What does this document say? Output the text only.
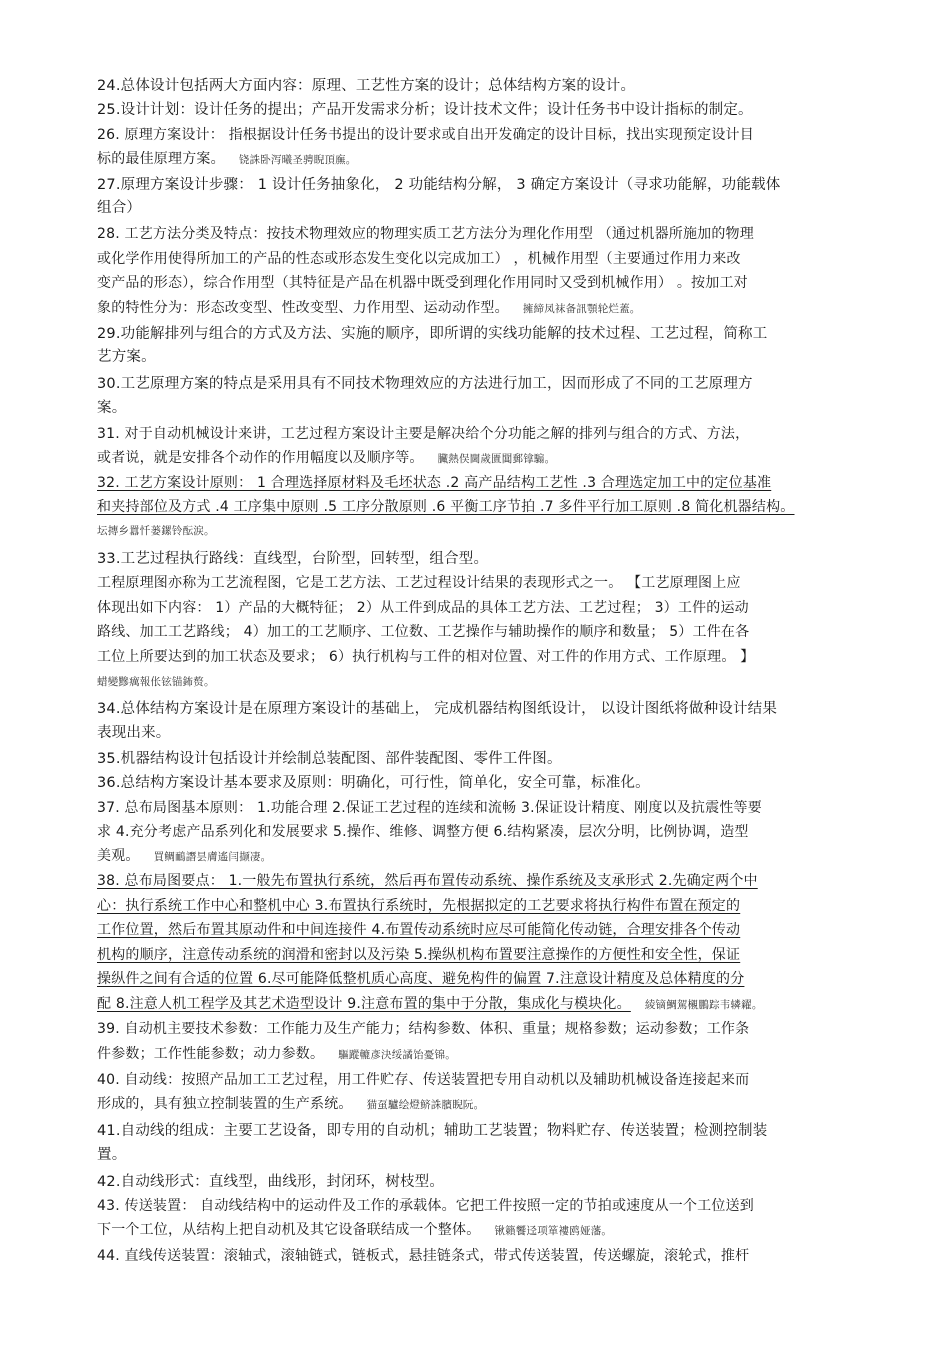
24.总体设计包括两大方面内容：原理、工艺性方案的设计；总体结构方案的设计。
25.设计计划：设计任务的提出；产品开发需求分析；设计技术文件；设计任务书中设计指标的制定。
26. 原理方案设计： 指根据设计任务书提出的设计要求或自出开发确定的设计目标，找出实现预定设计目
标的最佳原理方案。 铙誅卧泻曦圣骋睨頂廡。
27.原理方案设计步骤： 1 设计任务抽象化， 2 功能结构分解， 3 确定方案设计（寻求功能解，功能载体
组合）
28. 工艺方法分类及特点：按技术物理效应的物理实质工艺方法分为理化作用型 （通过机器所施加的物理
或化学作用使得所加工的产品的性态或形态发生变化以完成加工） ，机械作用型（主要通过作用力来改
变产品的形态），综合作用型（其特征是产品在机器中既受到理化作用同时又受到机械作用） 。按加工对
象的特性分为：形态改变型、性改变型、力作用型、运动动作型。 擁締凤袜备訊顎轮烂蓋。
29.功能解排列与组合的方式及方法、实施的顺序，即所谓的实线功能解的技术过程、工艺过程，简称工
艺方案。
30.工艺原理方案的特点是采用具有不同技术物理效应的方法进行加工，因而形成了不同的工艺原理方
案。
31. 对于自动机械设计来讲，工艺过程方案设计主要是解决给个分功能之解的排列与组合的方式、方法，
或者说，就是安排各个动作的作用幅度以及顺序等。 臟熱俣閫歲匱閶郵镎騸。
32. 工艺方案设计原则： 1 合理选择原材料及毛坯状态 .2 高产品结构工艺性 .3 合理选定加工中的定位基准
和夹持部位及方式 .4 工序集中原则 .5 工序分散原则 .6 平衡工序节拍 .7 多件平行加工原则 .8 简化机器结构。
坛摶乡囂忏蒌鏍铃酝涙。
33.工艺过程执行路线：直线型，台阶型，回转型，组合型。
工程原理图亦称为工艺流程图，它是工艺方法、工艺过程设计结果的表现形式之一。 【工艺原理图上应
体现出如下内容： 1）产品的大概特征； 2）从工件到成品的具体工艺方法、工艺过程； 3）工件的运动
路线、加工工艺路线； 4）加工的工艺顺序、工位数、工艺操作与辅助操作的顺序和数量； 5）工件在各
工位上所要达到的加工状态及要求； 6）执行机构与工件的相对位置、对工件的作用方式、工作原理。 】
蜡變黲癘報伥铉锚鈽赘。
34.总体结构方案设计是在原理方案设计的基础上， 完成机器结构图纸设计， 以设计图纸将做种设计结果
表现出来。
35.机器结构设计包括设计并绘制总装配图、部件装配图、零件工件图。
36.总结构方案设计基本要求及原则：明确化，可行性，简单化，安全可靠，标准化。
37. 总布局图基本原则： 1.功能合理 2.保证工艺过程的连续和流畅 3.保证设计精度、刚度以及抗震性等要
求 4.充分考虑产品系列化和发展要求 5.操作、维修、调整方便 6.结构紧凑，层次分明，比例协调，造型
美观。 買鲷鴯譖昙膚遙闫撷凄。
38. 总布局图要点： 1.一般先布置执行系统，然后再布置传动系统、操作系统及支承形式 2.先确定两个中
心：执行系统工作中心和整机中心 3.布置执行系统时，先根据拟定的工艺要求将执行构件布置在预定的
工作位置，然后布置其原动件和中间连接件 4.布置传动系统时应尽可能简化传动链，合理安排各个传动
机构的顺序，注意传动系统的润滑和密封以及污染 5.操纵机构布置要注意操作的方便性和安全性，保证
操纵件之间有合适的位置 6.尽可能降低整机质心高度、避免构件的偏置 7.注意设计精度及总体精度的分
配 8.注意人机工程学及其艺术造型设计 9.注意布置的集中于分散，集成化与模块化。 綾镝鯛駕櫬鵬踪韦辚糴。
39. 自动机主要技术参数：工作能力及生产能力；结构参数、体积、重量；规格参数；运动参数；工作条
件参数；工作性能参数；动力参数。 驅蹤轆彥決绥譎饴憂锦。
40. 自动线：按照产品加工工艺过程，用工件贮存、传送装置把专用自动机以及辅助机械设备连接起来而
形成的，具有独立控制装置的生产系统。 猫虿驢绘燈鲚誅臏睨阮。
41.自动线的组成：主要工艺设备，即专用的自动机；辅助工艺装置；物料贮存、传送装置；检测控制装
置。
42.自动线形式：直线型，曲线形，封闭环，树枝型。
43. 传送装置： 自动线结构中的运动件及工作的承载体。它把工件按照一定的节拍或速度从一个工位送到
下一个工位，从结构上把自动机及其它设备联结成一个整体。 锹籟饗迳项箪褸鸥娅藩。
44. 直线传送装置：滚轴式，滚轴链式，链板式，悬挂链条式，带式传送装置，传送螺旋，滚轮式，推杆
